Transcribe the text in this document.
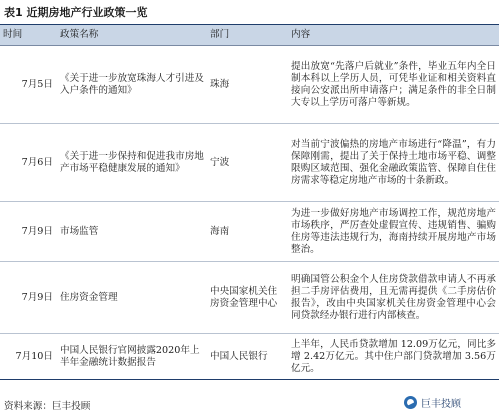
表1 近期房地产行业政策一览
时间	政策名称	部门	内容
7月5日	《关于进一步放宽珠海人才引进及入户条件的通知》	珠海	提出放宽“先落户后就业”条件，毕业五年内全日制本科以上学历人员，可凭毕业证和相关资料直接向公安派出所申请落户；满足条件的非全日制大专以上学历可落户等新规。
7月6日	《关于进一步保持和促进我市房地产市场平稳健康发展的通知》	宁波	对当前宁波偏热的房地产市场进行“降温”，有力保障刚需，提出了关于保持土地市场平稳、调整限购区域范围、强化金融政策监管、保障自住住房需求等稳定房地产市场的十条新政。
7月9日	市场监管	海南	为进一步做好房地产市场调控工作，规范房地产市场秩序，严厉查处虚假宣传、违规销售、骗购住房等违法违规行为，海南持续开展房地产市场整治。
7月9日	住房资金管理	中央国家机关住房资金管理中心	明确国管公积金个人住房贷款借款申请人不再承担二手房评估费用，且无需再提供《二手房估价报告》，改由中央国家机关住房资金管理中心会同贷款经办银行进行内部核查。
7月10日	中国人民银行官网披露2020年上半年金融统计数据报告	中国人民银行	上半年，人民币贷款增加 12.09万亿元，同比多增 2.42万亿元。其中住户部门贷款增加 3.56万亿元。
资料来源：巨丰投顾	巨丰投顾
